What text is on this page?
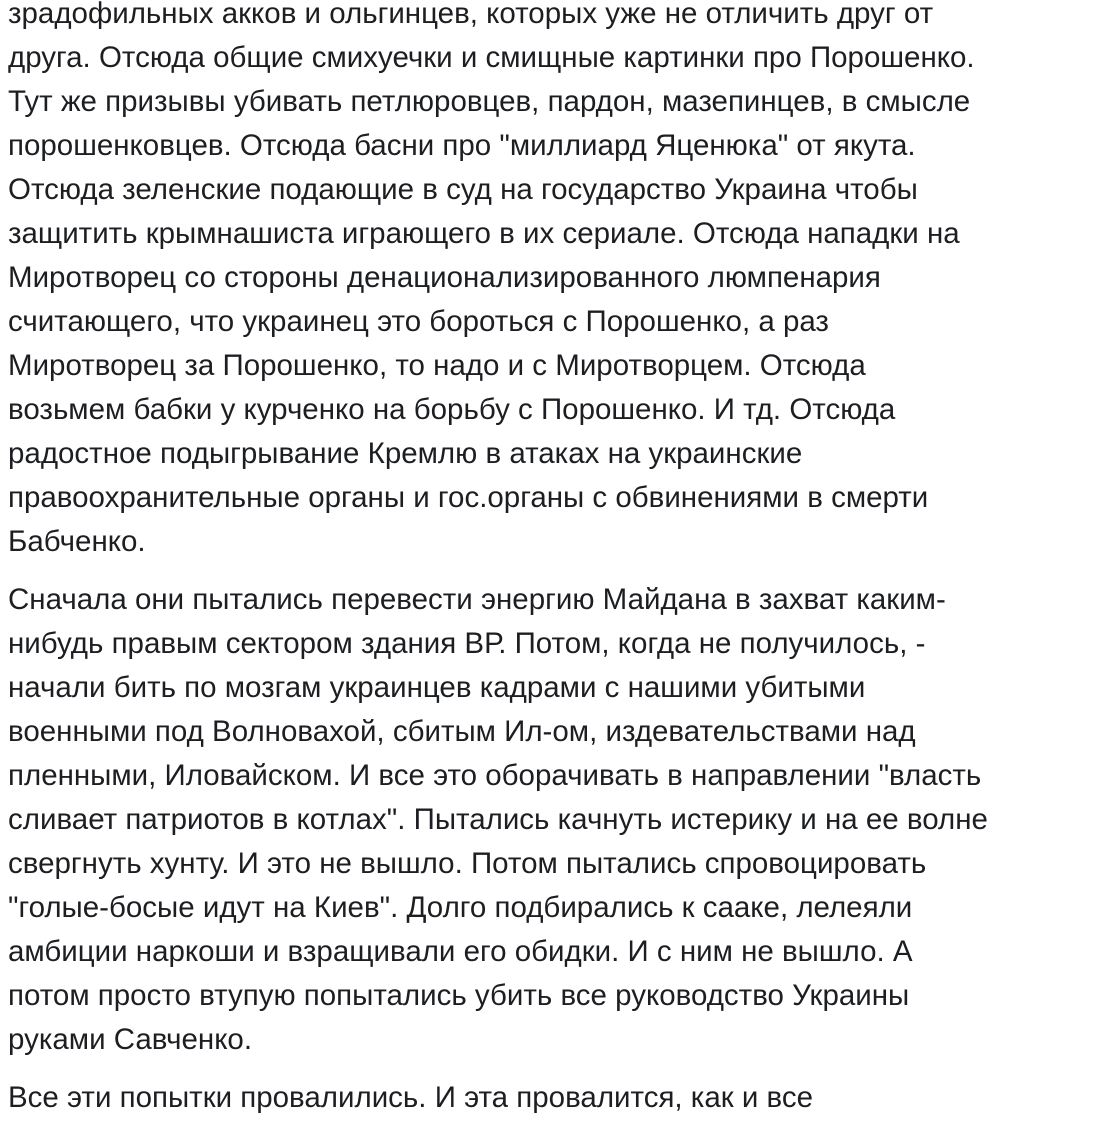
зрадофильных акков и ольгинцев, которых уже не отличить друг от
друга. Отсюда общие смихуечки и смищные картинки про Порошенко.
Тут же призывы убивать петлюровцев, пардон, мазепинцев, в смысле
порошенковцев. Отсюда басни про "миллиард Яценюка" от якута.
Отсюда зеленские подающие в суд на государство Украина чтобы
защитить крымнашиста играющего в их сериале. Отсюда нападки на
Миротворец со стороны денационализированного люмпенария
считающего, что украинец это бороться с Порошенко, а раз
Миротворец за Порошенко, то надо и с Миротворцем. Отсюда
возьмем бабки у курченко на борьбу с Порошенко. И тд. Отсюда
радостное подыгрывание Кремлю в атаках на украинские
правоохранительные органы и гос.органы с обвинениями в смерти
Бабченко.

Сначала они пытались перевести энергию Майдана в захват каким-
нибудь правым сектором здания ВР. Потом, когда не получилось, -
начали бить по мозгам украинцев кадрами с нашими убитыми
военными под Волновахой, сбитым Ил-ом, издевательствами над
пленными, Иловайском. И все это оборачивать в направлении "власть
сливает патриотов в котлах". Пытались качнуть истерику и на ее волне
свергнуть хунту. И это не вышло. Потом пытались спровоцировать
"голые-босые идут на Киев". Долго подбирались к сааке, лелеяли
амбиции наркоши и взращивали его обидки. И с ним не вышло. А
потом просто втупую попытались убить все руководство Украины
руками Савченко.

Все эти попытки провалились. И эта провалится, как и все
